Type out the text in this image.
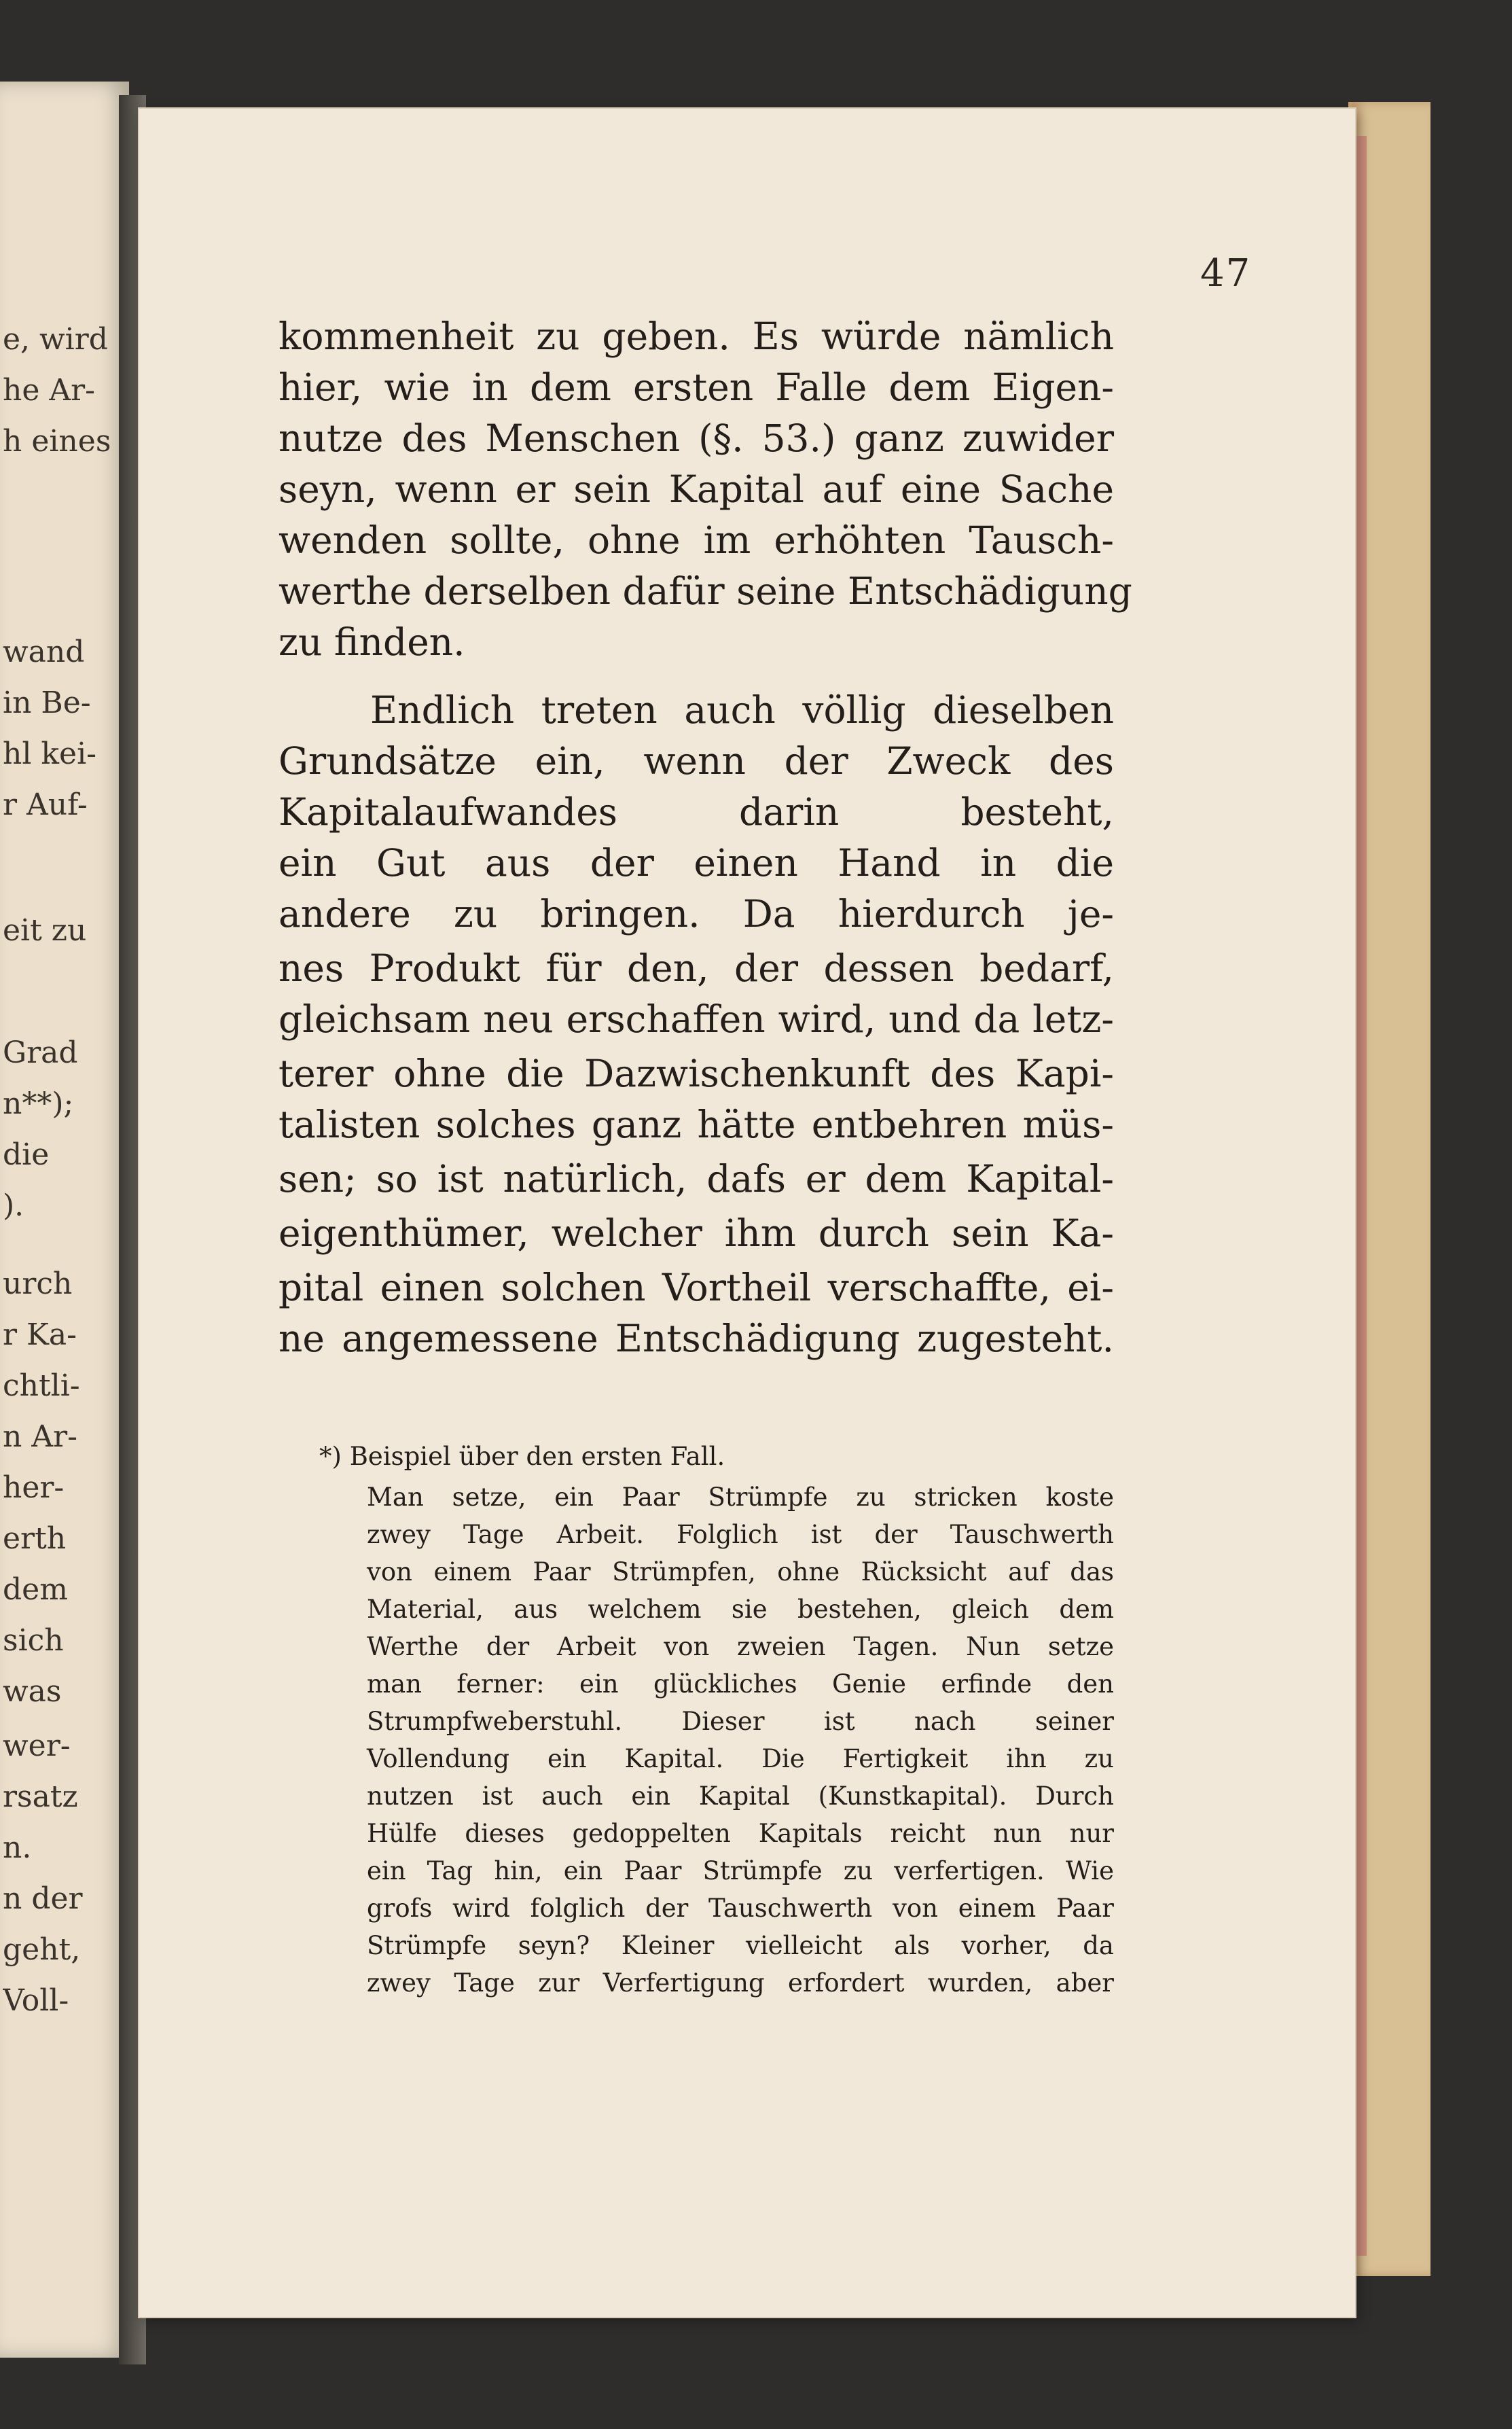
e, wird

he Ar-

h eines

wand

in Be-

hl kei-

r Auf-

eit zu

Grad

n**);

die

).

urch

r Ka-

chtli-

n Ar-

her-

erth

dem

sich

was

wer-

rsatz

n.

n der

geht,

Voll-

47

kommenheit zu geben. Es würde nämlich

hier, wie in dem ersten Falle dem Eigen-

nutze des Menschen (§. 53.) ganz zuwider

seyn, wenn er sein Kapital auf eine Sache

wenden sollte, ohne im erhöhten Tausch-

werthe derselben dafür seine Entschädigung

zu finden.

Endlich treten auch völlig dieselben

Grundsätze ein, wenn der Zweck des

Kapitalaufwandes darin besteht,

ein Gut aus der einen Hand in die

andere zu bringen. Da hierdurch je-

nes Produkt für den, der dessen bedarf,

gleichsam neu erschaffen wird, und da letz-

terer ohne die Dazwischenkunft des Kapi-

talisten solches ganz hätte entbehren müs-

sen; so ist natürlich, dafs er dem Kapital-

eigenthümer, welcher ihm durch sein Ka-

pital einen solchen Vortheil verschaffte, ei-

ne angemessene Entschädigung zugesteht.

*) Beispiel über den ersten Fall.

Man setze, ein Paar Strümpfe zu stricken koste

zwey Tage Arbeit. Folglich ist der Tauschwerth

von einem Paar Strümpfen, ohne Rücksicht auf das

Material, aus welchem sie bestehen, gleich dem

Werthe der Arbeit von zweien Tagen. Nun setze

man ferner: ein glückliches Genie erfinde den

Strumpfweberstuhl. Dieser ist nach seiner

Vollendung ein Kapital. Die Fertigkeit ihn zu

nutzen ist auch ein Kapital (Kunstkapital). Durch

Hülfe dieses gedoppelten Kapitals reicht nun nur

ein Tag hin, ein Paar Strümpfe zu verfertigen. Wie

grofs wird folglich der Tauschwerth von einem Paar

Strümpfe seyn? Kleiner vielleicht als vorher, da

zwey Tage zur Verfertigung erfordert wurden, aber
